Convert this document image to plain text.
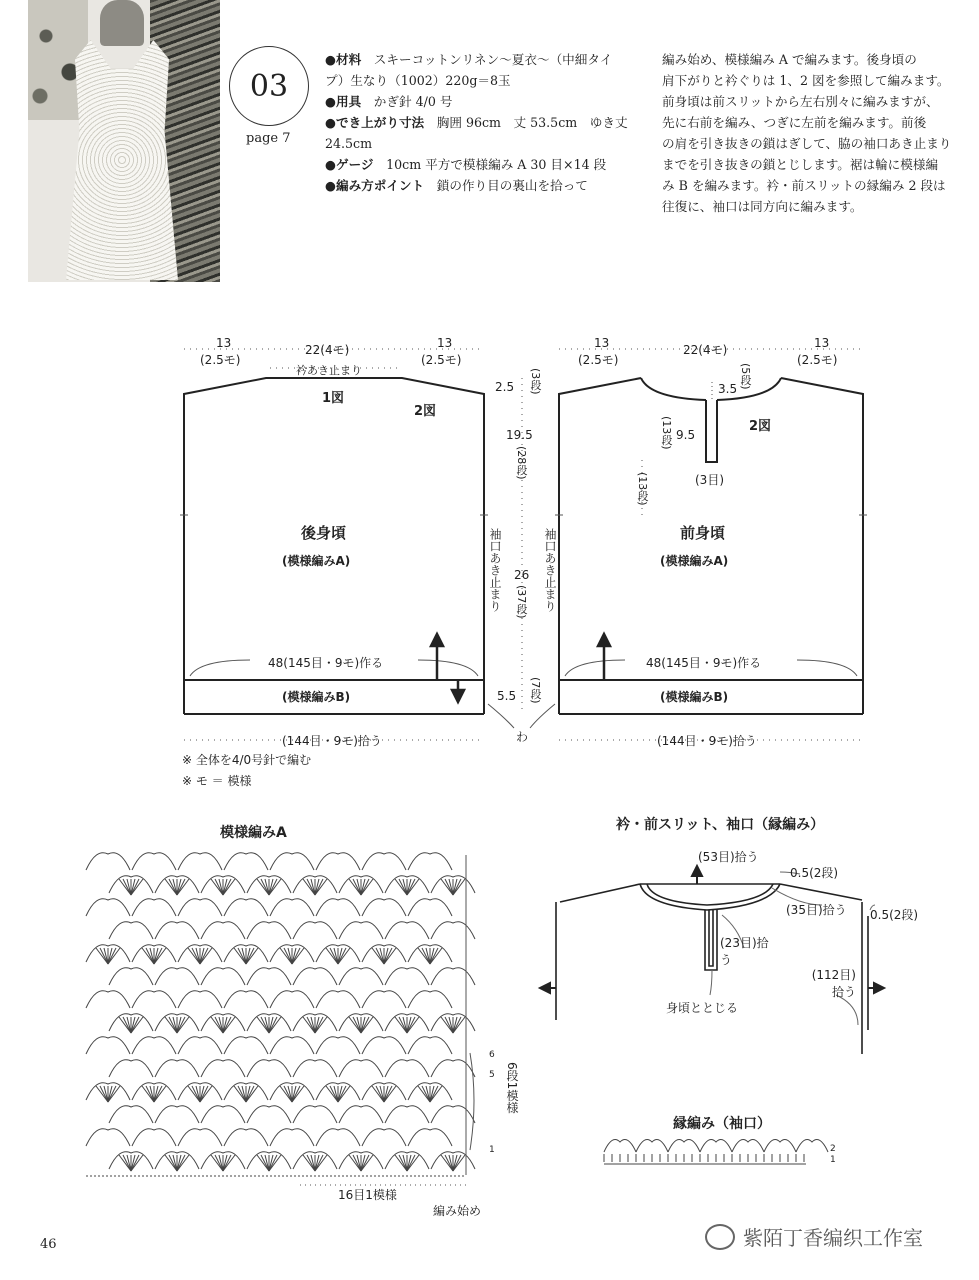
03
page 7
●材料　 スキーコットンリネン〜夏衣〜（中細タイプ）生なり（1002）220g＝8玉
●用具　 かぎ針 4/0 号
●でき上がり寸法　 胸囲 96cm　丈 53.5cm　ゆき丈 24.5cm
●ゲージ　 10cm 平方で模様編み A 30 目×14 段
●編み方ポイント　 鎖の作り目の裏山を拾って
編み始め、模様編み A で編みます。後身頃の
肩下がりと衿ぐりは 1、2 図を参照して編みます。
前身頃は前スリットから左右別々に編みますが、
先に右前を編み、つぎに左前を編みます。前後
の肩を引き抜きの鎖はぎして、脇の袖口あき止まり
までを引き抜きの鎖とじします。裾は輪に模様編
み B を編みます。衿・前スリットの縁編み 2 段は
往復に、袖口は同方向に編みます。
13
(2.5モ)
22(4モ)	13
(2.5モ)
衿あき止まり
1図
2図
後身頃
(模様編みA)	袖口あき止まり
48(145目・9モ)作る
(模様編みB)
(144目・9モ)拾う
13
(2.5モ)
22(4モ)	13
(2.5モ)
(5段)
3.5
(13段) 9.5
(13段)	(3目)
2図
前身頃
(模様編みA)
袖口あき止まり
48(145目・9モ)作る
(模様編みB)
(144目・9モ)拾う
2.5 (3段)
19.5
(28段)
26
(37段)
5.5 (7段)
わ
※ 全体を4/0号針で編む
※ モ ＝ 模様
模様編みA
6
5
1
6段1模様
16目1模様
編み始め
衿・前スリット、袖口（縁編み）
(53目)拾う
0.5(2段)
(35目)拾う
(23目)拾う
身頃ととじる
0.5(2段)
(112目)拾う
縁編み（袖口）
2
1
46	紫陌丁香编织工作室
